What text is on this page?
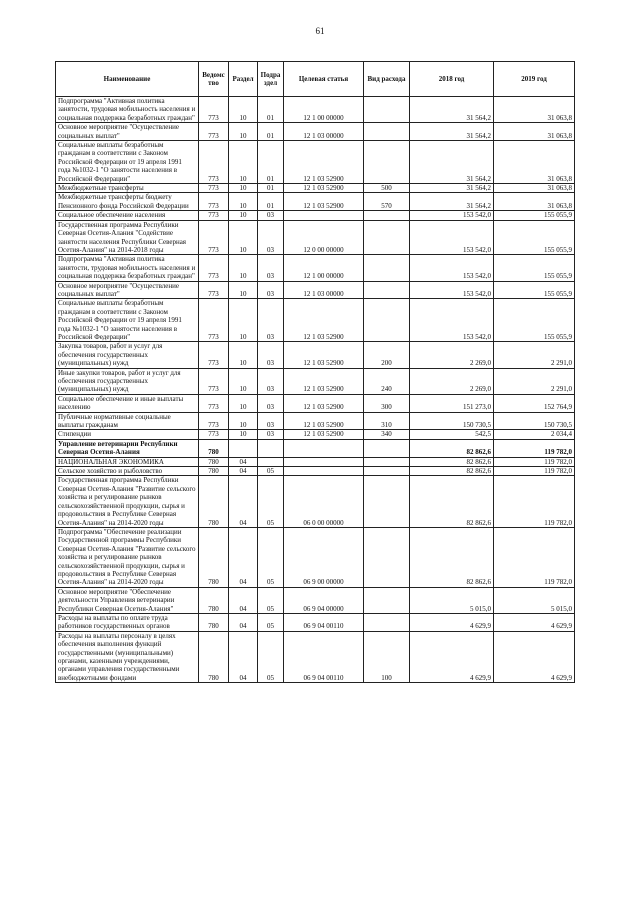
61
Наименование	Ведомс тво	Раздел	Подра здел	Целевая статья	Вид расхода	2018 год	2019 год
Подпрограмма "Активная политика занятости, трудовая мобильность населения и социальная поддержка безработных граждан"	773	10	01	12 1 00 00000		31 564,2	31 063,8
Основное мероприятие "Осуществление социальных выплат"	773	10	01	12 1 03 00000		31 564,2	31 063,8
Социальные выплаты безработным гражданам в соответствии с Законом Российской Федерации от 19 апреля 1991 года №1032-1 "О занятости населения в Российской Федерации"	773	10	01	12 1 03 52900		31 564,2	31 063,8
Межбюджетные трансферты	773	10	01	12 1 03 52900	500	31 564,2	31 063,8
Межбюджетные трансферты бюджету Пенсионного фонда Российской Федерации	773	10	01	12 1 03 52900	570	31 564,2	31 063,8
Социальное обеспечение населения	773	10	03			153 542,0	155 055,9
Государственная программа Республики Северная Осетия-Алания "Содействие занятости населения Республики Северная Осетия-Алания" на 2014-2018 годы	773	10	03	12 0 00 00000		153 542,0	155 055,9
Подпрограмма "Активная политика занятости, трудовая мобильность населения и социальная поддержка безработных граждан"	773	10	03	12 1 00 00000		153 542,0	155 055,9
Основное мероприятие "Осуществление социальных выплат"	773	10	03	12 1 03 00000		153 542,0	155 055,9
Социальные выплаты безработным гражданам в соответствии с Законом Российской Федерации от 19 апреля 1991 года №1032-1 "О занятости населения в Российской Федерации"	773	10	03	12 1 03 52900		153 542,0	155 055,9
Закупка товаров, работ и услуг для обеспечения государственных (муниципальных) нужд	773	10	03	12 1 03 52900	200	2 269,0	2 291,0
Иные закупки товаров, работ и услуг для обеспечения государственных (муниципальных) нужд	773	10	03	12 1 03 52900	240	2 269,0	2 291,0
Социальное обеспечение и иные выплаты населению	773	10	03	12 1 03 52900	300	151 273,0	152 764,9
Публичные нормативные социальные выплаты гражданам	773	10	03	12 1 03 52900	310	150 730,5	150 730,5
Стипендии	773	10	03	12 1 03 52900	340	542,5	2 034,4
Управление ветеринарии Республики Северная Осетия-Алания	780					82 862,6	119 782,0
НАЦИОНАЛЬНАЯ ЭКОНОМИКА	780	04				82 862,6	119 782,0
Сельское хозяйство и рыболовство	780	04	05			82 862,6	119 782,0
Государственная программа Республики Северная Осетия-Алания "Развитие сельского хозяйства и регулирование рынков сельскохозяйственной продукции, сырья и продовольствия в Республике Северная Осетия-Алания" на 2014-2020 годы	780	04	05	06 0 00 00000		82 862,6	119 782,0
Подпрограмма "Обеспечение реализации Государственной программы Республики Северная Осетия-Алания "Развитие сельского хозяйства и регулирование рынков сельскохозяйственной продукции, сырья и продовольствия в Республике Северная Осетия-Алания" на 2014-2020 годы	780	04	05	06 9 00 00000		82 862,6	119 782,0
Основное мероприятие "Обеспечение деятельности Управления ветеринарии Республики Северная Осетия-Алания"	780	04	05	06 9 04 00000		5 015,0	5 015,0
Расходы на выплаты по оплате труда работников государственных органов	780	04	05	06 9 04 00110		4 629,9	4 629,9
Расходы на выплаты персоналу в целях обеспечения выполнения функций государственными (муниципальными) органами, казенными учреждениями, органами управления государственными внебюджетными фондами	780	04	05	06 9 04 00110	100	4 629,9	4 629,9
